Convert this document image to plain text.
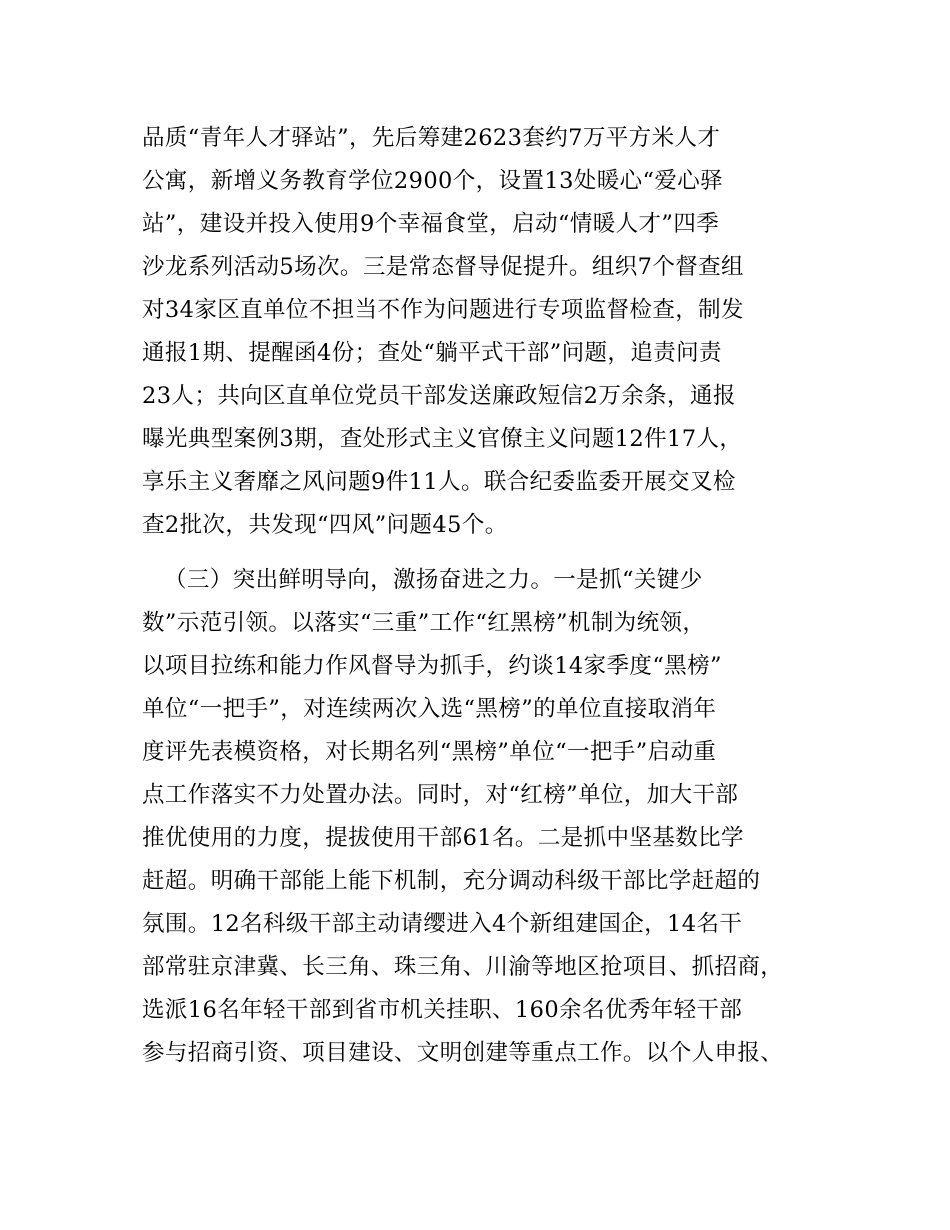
品质“青年人才驿站”，先后筹建2623套约7万平方米人才
公寓，新增义务教育学位2900个，设置13处暖心“爱心驿
站”，建设并投入使用9个幸福食堂，启动“情暖人才”四季
沙龙系列活动5场次。三是常态督导促提升。组织7个督查组
对34家区直单位不担当不作为问题进行专项监督检查，制发
通报1期、提醒函4份；查处“躺平式干部”问题，追责问责
23人；共向区直单位党员干部发送廉政短信2万余条，通报
曝光典型案例3期，查处形式主义官僚主义问题12件17人，
享乐主义奢靡之风问题9件11人。联合纪委监委开展交叉检
查2批次，共发现“四风”问题45个。
（三）突出鲜明导向，激扬奋进之力。一是抓“关键少
数”示范引领。以落实“三重”工作“红黑榜”机制为统领，
以项目拉练和能力作风督导为抓手，约谈14家季度“黑榜”
单位“一把手”，对连续两次入选“黑榜”的单位直接取消年
度评先表模资格，对长期名列“黑榜”单位“一把手”启动重
点工作落实不力处置办法。同时，对“红榜”单位，加大干部
推优使用的力度，提拔使用干部61名。二是抓中坚基数比学
赶超。明确干部能上能下机制，充分调动科级干部比学赶超的
氛围。12名科级干部主动请缨进入4个新组建国企，14名干
部常驻京津冀、长三角、珠三角、川渝等地区抢项目、抓招商，
选派16名年轻干部到省市机关挂职、160余名优秀年轻干部
参与招商引资、项目建设、文明创建等重点工作。以个人申报、
